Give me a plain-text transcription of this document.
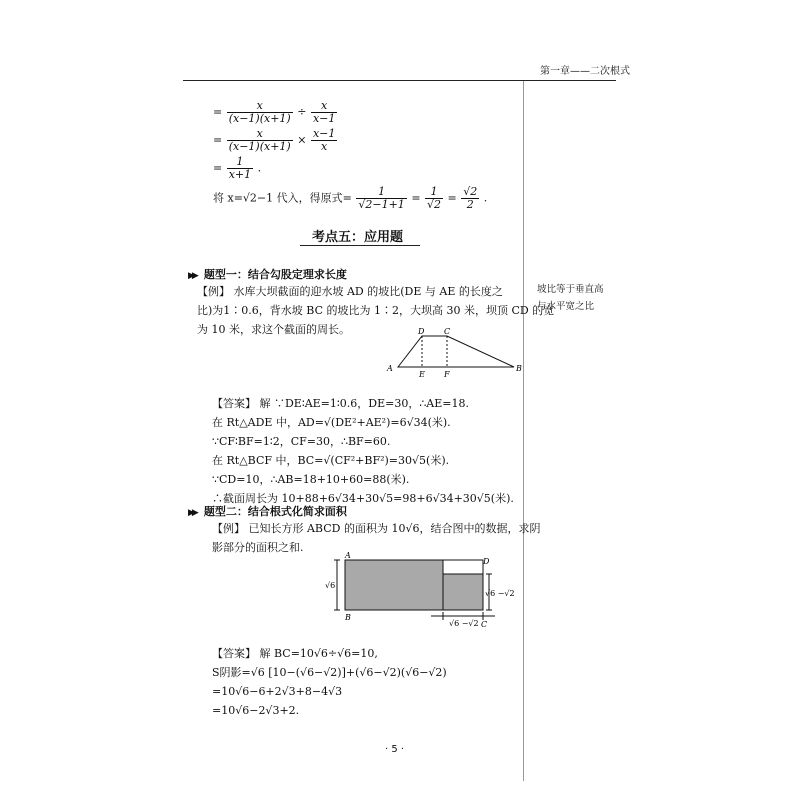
第一章——二次根式
= $\frac{x}{(x-1)(x+1)} \div \frac{x}{x-1}$
= $\frac{x}{(x-1)(x+1)} \times \frac{x-1}{x}$
= $\frac{1}{x+1}$ .
将 x=√2−1 代入，得原式= $\frac{1}{√2-1+1} = \frac{1}{√2} = \frac{√2}{2}$ .
考点五：应用题
▶▶ 题型一：结合勾股定理求长度
【例】 水库大坝截面的迎水坡 AD 的坡比(DE 与 AE 的长度之
比)为1∶0.6，背水坡 BC 的坡比为 1∶2，大坝高 30 米，坝顶 CD 的宽
为 10 米，求这个截面的周长。
坡比等于垂直高
与水平宽之比
A	B
D C
E F
【答案】 解 ∵DE∶AE=1∶0.6，DE=30，∴AE=18.
在 Rt△ADE 中，AD=√(DE²+AE²)=6√34(米).
∵CF∶BF=1∶2，CF=30，∴BF=60.
在 Rt△BCF 中，BC=√(CF²+BF²)=30√5(米).
∵CD=10，∴AB=18+10+60=88(米).
∴截面周长为 10+88+6√34+30√5=98+6√34+30√5(米).
▶▶ 题型二：结合根式化简求面积
【例】 已知长方形 ABCD 的面积为 10√6，结合图中的数据，求阴
影部分的面积之和.
A
B
D
C
√6
√6 −√2
√6 −√2
【答案】 解 BC=10√6÷√6=10,
S阴影=√6 [10−(√6−√2)]+(√6−√2)(√6−√2)
=10√6−6+2√3+8−4√3
=10√6−2√3+2.
· 5 ·
